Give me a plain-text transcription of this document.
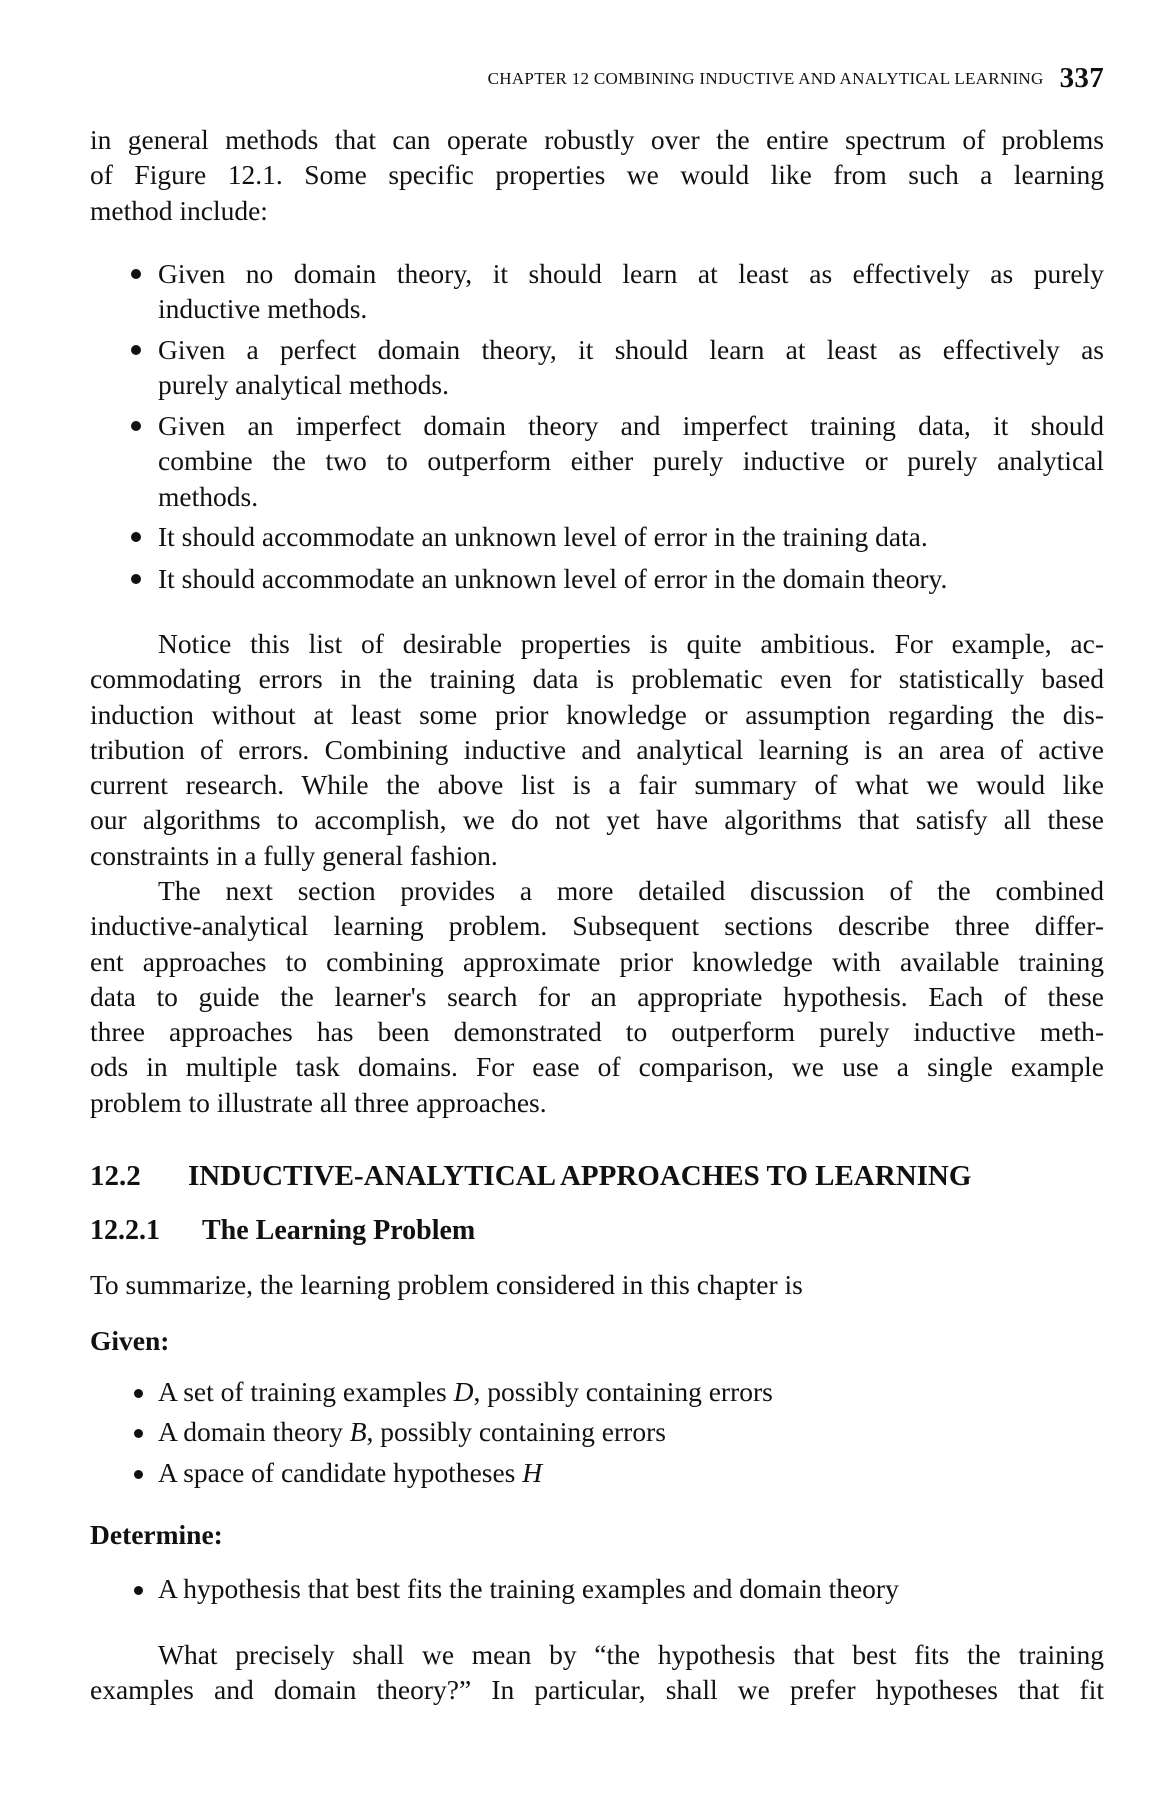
CHAPTER 12 COMBINING INDUCTIVE AND ANALYTICAL LEARNING 337
in general methods that can operate robustly over the entire spectrum of problems
of Figure 12.1. Some specific properties we would like from such a learning
method include:
Given no domain theory, it should learn at least as effectively as purely
inductive methods.
Given a perfect domain theory, it should learn at least as effectively as
purely analytical methods.
Given an imperfect domain theory and imperfect training data, it should
combine the two to outperform either purely inductive or purely analytical
methods.
It should accommodate an unknown level of error in the training data.
It should accommodate an unknown level of error in the domain theory.
Notice this list of desirable properties is quite ambitious. For example, ac-
commodating errors in the training data is problematic even for statistically based
induction without at least some prior knowledge or assumption regarding the dis-
tribution of errors. Combining inductive and analytical learning is an area of active
current research. While the above list is a fair summary of what we would like
our algorithms to accomplish, we do not yet have algorithms that satisfy all these
constraints in a fully general fashion.
The next section provides a more detailed discussion of the combined
inductive-analytical learning problem. Subsequent sections describe three differ-
ent approaches to combining approximate prior knowledge with available training
data to guide the learner's search for an appropriate hypothesis. Each of these
three approaches has been demonstrated to outperform purely inductive meth-
ods in multiple task domains. For ease of comparison, we use a single example
problem to illustrate all three approaches.
12.2 INDUCTIVE-ANALYTICAL APPROACHES TO LEARNING
12.2.1 The Learning Problem
To summarize, the learning problem considered in this chapter is
Given:
A set of training examples D, possibly containing errors
A domain theory B, possibly containing errors
A space of candidate hypotheses H
Determine:
A hypothesis that best fits the training examples and domain theory
What precisely shall we mean by “the hypothesis that best fits the training
examples and domain theory?” In particular, shall we prefer hypotheses that fit
